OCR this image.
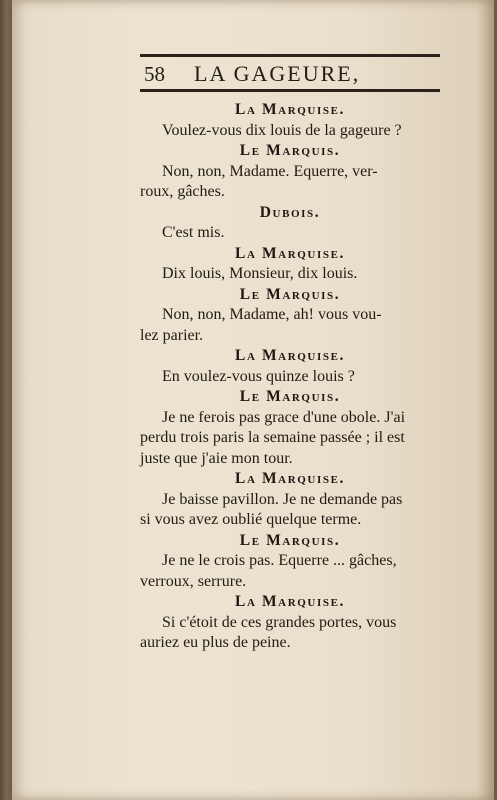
58 LA GAGEURE,
La Marquise.
Voulez-vous dix louis de la gageure ?
Le Marquis.
Non, non, Madame. Equerre, ver-
roux, gâches.
Dubois.
C'est mis.
La Marquise.
Dix louis, Monsieur, dix louis.
Le Marquis.
Non, non, Madame, ah! vous vou-
lez parier.
La Marquise.
En voulez-vous quinze louis ?
Le Marquis.
Je ne ferois pas grace d'une obole. J'ai
perdu trois paris la semaine passée ; il est
juste que j'aie mon tour.
La Marquise.
Je baisse pavillon. Je ne demande pas
si vous avez oublié quelque terme.
Le Marquis.
Je ne le crois pas. Equerre ... gâches,
verroux, serrure.
La Marquise.
Si c'étoit de ces grandes portes, vous
auriez eu plus de peine.
